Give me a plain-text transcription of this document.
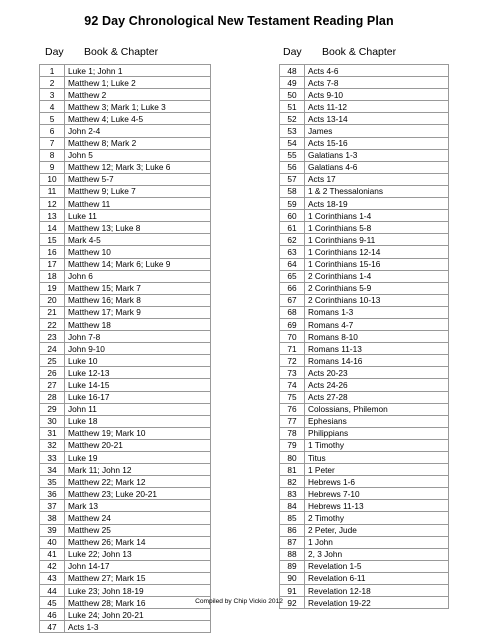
92 Day Chronological New Testament Reading Plan
Day Book & Chapter	Day Book & Chapter
1	Luke 1; John 1
2	Matthew 1; Luke 2
3	Matthew 2
4	Matthew 3; Mark 1; Luke 3
5	Matthew 4; Luke 4-5
6	John 2-4
7	Matthew 8; Mark 2
8	John 5
9	Matthew 12; Mark 3; Luke 6
10	Matthew 5-7
11	Matthew 9; Luke 7
12	Matthew 11
13	Luke 11
14	Matthew 13; Luke 8
15	Mark 4-5
16	Matthew 10
17	Matthew 14; Mark 6; Luke 9
18	John 6
19	Matthew 15; Mark 7
20	Matthew 16; Mark 8
21	Matthew 17; Mark 9
22	Matthew 18
23	John 7-8
24	John 9-10
25	Luke 10
26	Luke 12-13
27	Luke 14-15
28	Luke 16-17
29	John 11
30	Luke 18
31	Matthew 19; Mark 10
32	Matthew 20-21
33	Luke 19
34	Mark 11; John 12
35	Matthew 22; Mark 12
36	Matthew 23; Luke 20-21
37	Mark 13
38	Matthew 24
39	Matthew 25
40	Matthew 26; Mark 14
41	Luke 22; John 13
42	John 14-17
43	Matthew 27; Mark 15
44	Luke 23; John 18-19
45	Matthew 28; Mark 16
46	Luke 24; John 20-21
47	Acts 1-3
48	Acts 4-6
49	Acts 7-8
50	Acts 9-10
51	Acts 11-12
52	Acts 13-14
53	James
54	Acts 15-16
55	Galatians 1-3
56	Galatians 4-6
57	Acts 17
58	1 & 2 Thessalonians
59	Acts 18-19
60	1 Corinthians 1-4
61	1 Corinthians 5-8
62	1 Corinthians 9-11
63	1 Corinthians 12-14
64	1 Corinthians 15-16
65	2 Corinthians 1-4
66	2 Corinthians 5-9
67	2 Corinthians 10-13
68	Romans 1-3
69	Romans 4-7
70	Romans 8-10
71	Romans 11-13
72	Romans 14-16
73	Acts 20-23
74	Acts 24-26
75	Acts 27-28
76	Colossians, Philemon
77	Ephesians
78	Philippians
79	1 Timothy
80	Titus
81	1 Peter
82	Hebrews 1-6
83	Hebrews 7-10
84	Hebrews 11-13
85	2 Timothy
86	2 Peter, Jude
87	1 John
88	2, 3 John
89	Revelation 1-5
90	Revelation 6-11
91	Revelation 12-18
92	Revelation 19-22
Compiled by Chip Vickio 2012
